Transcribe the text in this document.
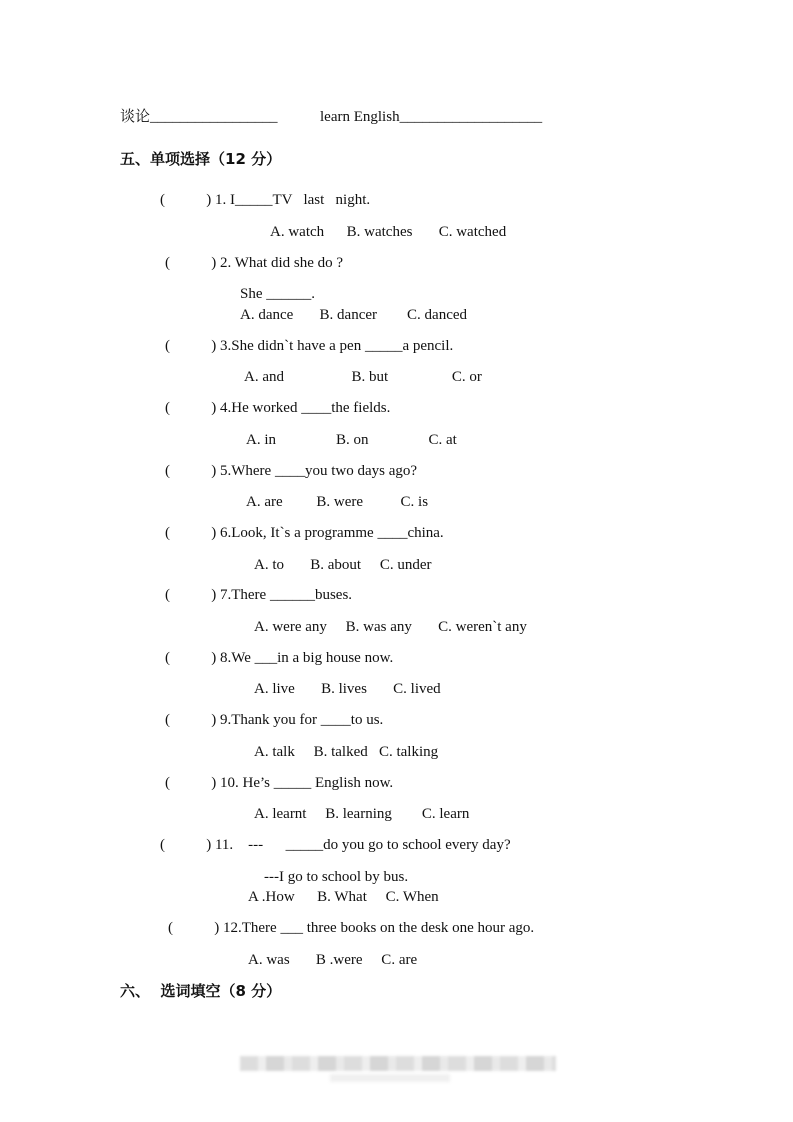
谈论_________________	learn English___________________
五、单项选择（12 分）
(           ) 1. I_____TV   last   night.
A. watch      B. watches       C. watched
(           ) 2. What did she do ?
She ______.
A. dance       B. dancer        C. danced
(           ) 3.She didn`t have a pen _____a pencil.
A. and                  B. but                 C. or
(           ) 4.He worked ____the fields.
A. in                B. on                C. at
(           ) 5.Where ____you two days ago?
A. are         B. were          C. is
(           ) 6.Look, It`s a programme ____china.
A. to       B. about     C. under
(           ) 7.There ______buses.
A. were any     B. was any       C. weren`t any
(           ) 8.We ___in a big house now.
A. live       B. lives       C. lived
(           ) 9.Thank you for ____to us.
A. talk     B. talked   C. talking
(           ) 10. He’s _____ English now.
A. learnt     B. learning        C. learn
(           ) 11.    ---      _____do you go to school every day?
---I go to school by bus.
A .How      B. What     C. When
(           ) 12.There ___ three books on the desk one hour ago.
A. was       B .were     C. are
六、  选词填空（8 分）
